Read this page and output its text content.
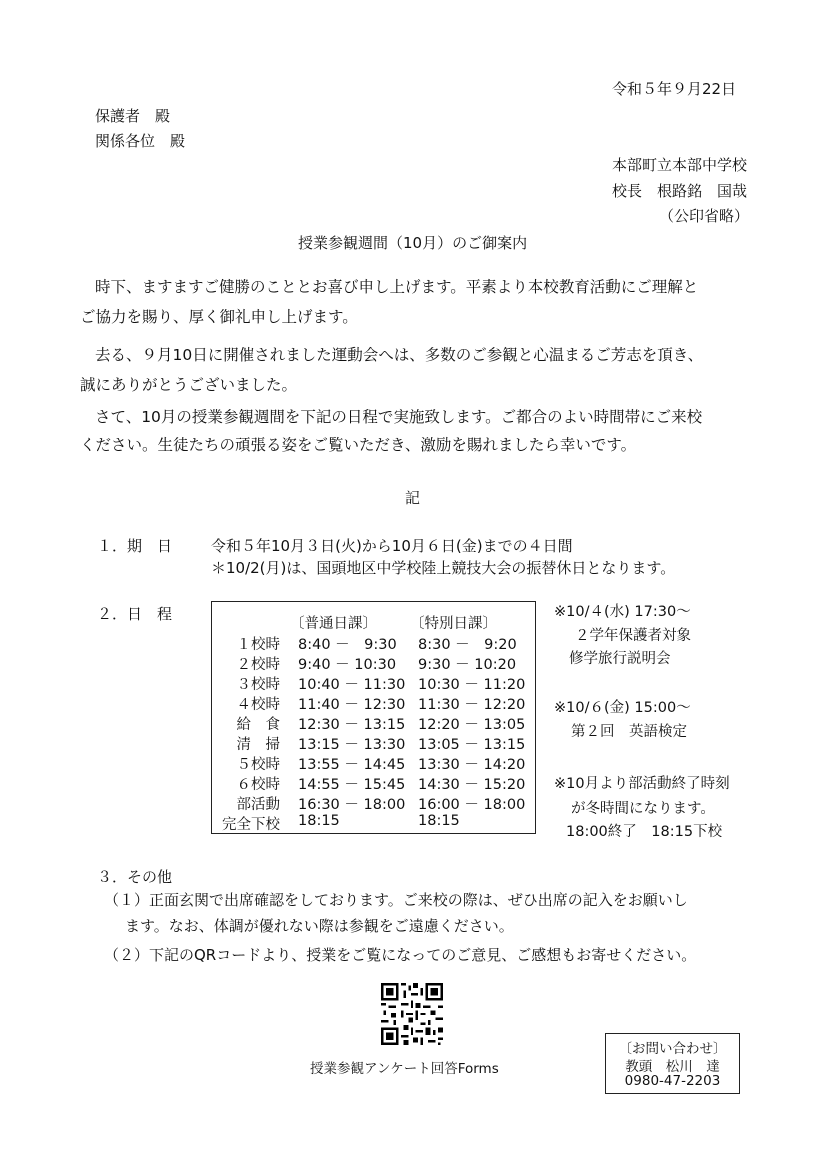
令和５年９月22日
保護者　殿
関係各位　殿
本部町立本部中学校
校長　根路銘　国哉
（公印省略）
授業参観週間（10月）のご御案内
時下、ますますご健勝のこととお喜び申し上げます。平素より本校教育活動にご理解と
ご協力を賜り、厚く御礼申し上げます。
去る、９月10日に開催されました運動会へは、多数のご参観と心温まるご芳志を頂き、
誠にありがとうございました。
さて、10月の授業参観週間を下記の日程で実施致します。ご都合のよい時間帯にご来校
ください。生徒たちの頑張る姿をご覧いただき、激励を賜れましたら幸いです。
記
１．期　日	令和５年10月３日(火)から10月６日(金)までの４日間
＊10/2(月)は、国頭地区中学校陸上競技大会の振替休日となります。
２．日　程
〔普通日課〕 〔特別日課〕
１校時 8:40 －　9:30 8:30 －　9:20
２校時 9:40 － 10:30 9:30 － 10:20
３校時 10:40 － 11:30 10:30 － 11:20
４校時 11:40 － 12:30 11:30 － 12:20
給　食 12:30 － 13:15 12:20 － 13:05
清　掃 13:15 － 13:30 13:05 － 13:15
５校時 13:55 － 14:45 13:30 － 14:20
６校時 14:55 － 15:45 14:30 － 15:20
部活動 16:30 － 18:00 16:00 － 18:00
完全下校 18:15	18:15
※10/４(水) 17:30～
２学年保護者対象
修学旅行説明会
※10/６(金) 15:00～
第２回　英語検定
※10月より部活動終了時刻
が冬時間になります。
18:00終了　18:15下校
３．その他
（１）正面玄関で出席確認をしております。ご来校の際は、ぜひ出席の記入をお願いし
ます。なお、体調が優れない際は参観をご遠慮ください。
（２）下記のQRコードより、授業をご覧になってのご意見、ご感想もお寄せください。
授業参観アンケート回答Forms
〔お問い合わせ〕
教頭　松川　達
0980-47-2203
